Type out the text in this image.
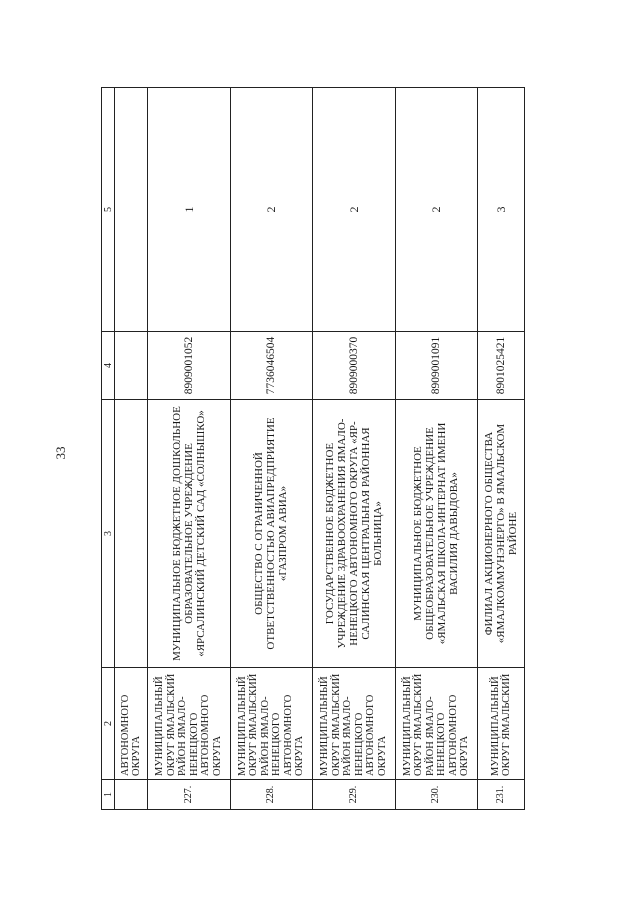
33
1	2	3	4	5
	АВТОНОМНОГО ОКРУГА			
227.	МУНИЦИПАЛЬНЫЙ ОКРУГ ЯМАЛЬСКИЙ РАЙОН ЯМАЛО-НЕНЕЦКОГО АВТОНОМНОГО ОКРУГА	МУНИЦИПАЛЬНОЕ БЮДЖЕТНОЕ ДОШКОЛЬНОЕ ОБРАЗОВАТЕЛЬНОЕ УЧРЕЖДЕНИЕ «ЯРСАЛИНСКИЙ ДЕТСКИЙ САД «СОЛНЫШКО»	8909001052	1
228.	МУНИЦИПАЛЬНЫЙ ОКРУГ ЯМАЛЬСКИЙ РАЙОН ЯМАЛО-НЕНЕЦКОГО АВТОНОМНОГО ОКРУГА	ОБЩЕСТВО С ОГРАНИЧЕННОЙ ОТВЕТСТВЕННОСТЬЮ АВИАПРЕДПРИЯТИЕ «ГАЗПРОМ АВИА»	7736046504	2
229.	МУНИЦИПАЛЬНЫЙ ОКРУГ ЯМАЛЬСКИЙ РАЙОН ЯМАЛО-НЕНЕЦКОГО АВТОНОМНОГО ОКРУГА	ГОСУДАРСТВЕННОЕ БЮДЖЕТНОЕ УЧРЕЖДЕНИЕ ЗДРАВООХРАНЕНИЯ ЯМАЛО-НЕНЕЦКОГО АВТОНОМНОГО ОКРУГА «ЯР-САЛИНСКАЯ ЦЕНТРАЛЬНАЯ РАЙОННАЯ БОЛЬНИЦА»	8909000370	2
230.	МУНИЦИПАЛЬНЫЙ ОКРУГ ЯМАЛЬСКИЙ РАЙОН ЯМАЛО-НЕНЕЦКОГО АВТОНОМНОГО ОКРУГА	МУНИЦИПАЛЬНОЕ БЮДЖЕТНОЕ ОБЩЕОБРАЗОВАТЕЛЬНОЕ УЧРЕЖДЕНИЕ «ЯМАЛЬСКАЯ ШКОЛА-ИНТЕРНАТ ИМЕНИ ВАСИЛИЯ ДАВЫДОВА»	8909001091	2
231.	МУНИЦИПАЛЬНЫЙ ОКРУГ ЯМАЛЬСКИЙ	ФИЛИАЛ АКЦИОНЕРНОГО ОБЩЕСТВА «ЯМАЛКОММУНЭНЕРГО» В ЯМАЛЬСКОМ РАЙОНЕ	8901025421	3
